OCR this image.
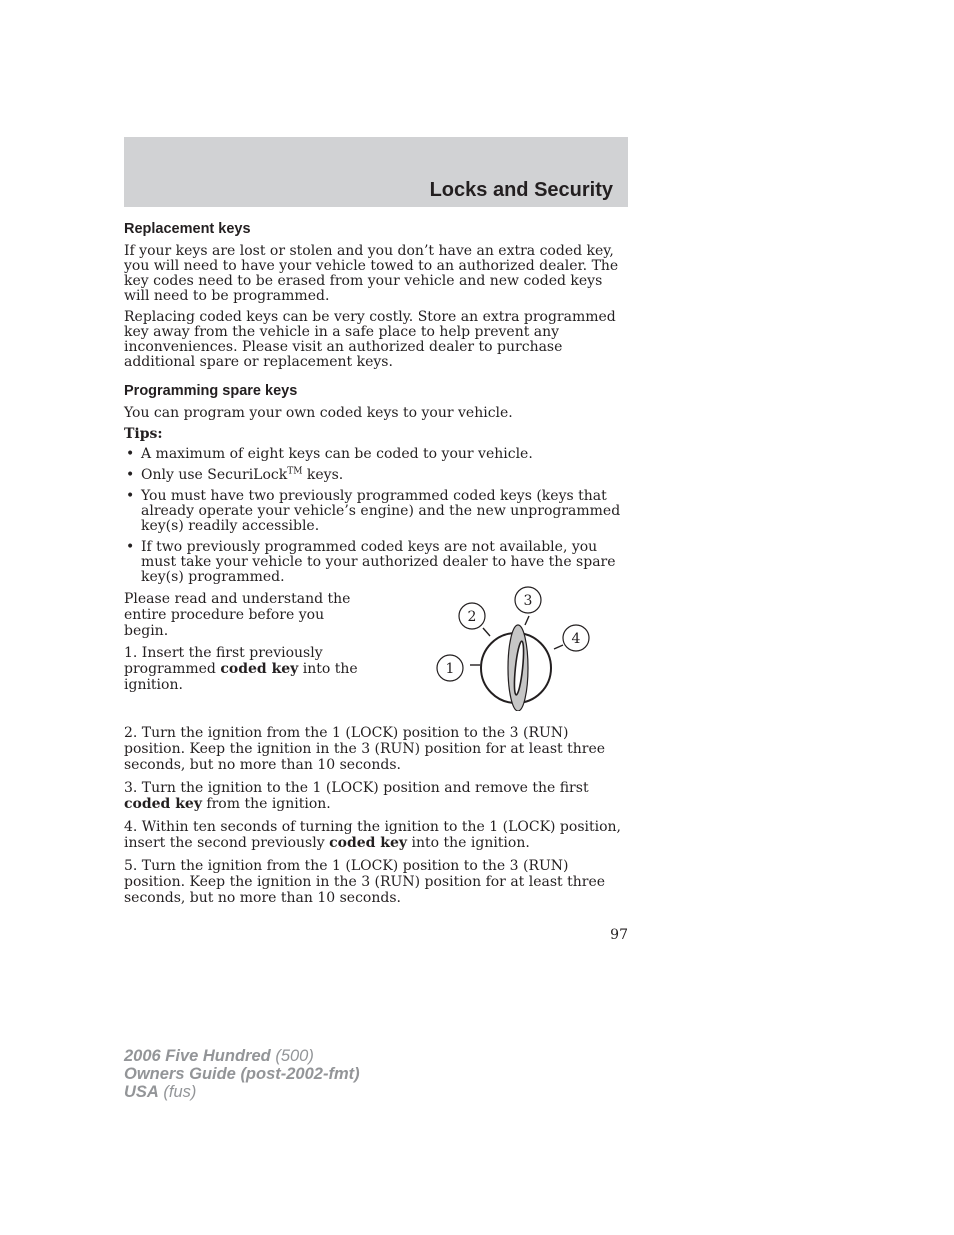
Locks and Security
Replacement keys

If your keys are lost or stolen and you don’t have an extra coded key, you will need to have your vehicle towed to an authorized dealer. The key codes need to be erased from your vehicle and new coded keys will need to be programmed.

Replacing coded keys can be very costly. Store an extra programmed key away from the vehicle in a safe place to help prevent any inconveniences. Please visit an authorized dealer to purchase additional spare or replacement keys.

Programming spare keys

You can program your own coded keys to your vehicle.

Tips:

• A maximum of eight keys can be coded to your vehicle.
• Only use SecuriLock™ keys.
• You must have two previously programmed coded keys (keys that already operate your vehicle’s engine) and the new unprogrammed key(s) readily accessible.
• If two previously programmed coded keys are not available, you must take your vehicle to your authorized dealer to have the spare key(s) programmed.

Please read and understand the entire procedure before you begin.

1. Insert the first previously programmed coded key into the ignition.

1
2
3
4

2. Turn the ignition from the 1 (LOCK) position to the 3 (RUN) position. Keep the ignition in the 3 (RUN) position for at least three seconds, but no more than 10 seconds.

3. Turn the ignition to the 1 (LOCK) position and remove the first coded key from the ignition.

4. Within ten seconds of turning the ignition to the 1 (LOCK) position, insert the second previously coded key into the ignition.

5. Turn the ignition from the 1 (LOCK) position to the 3 (RUN) position. Keep the ignition in the 3 (RUN) position for at least three seconds, but no more than 10 seconds.

97
2006 Five Hundred (500)
Owners Guide (post-2002-fmt)
USA (fus)
